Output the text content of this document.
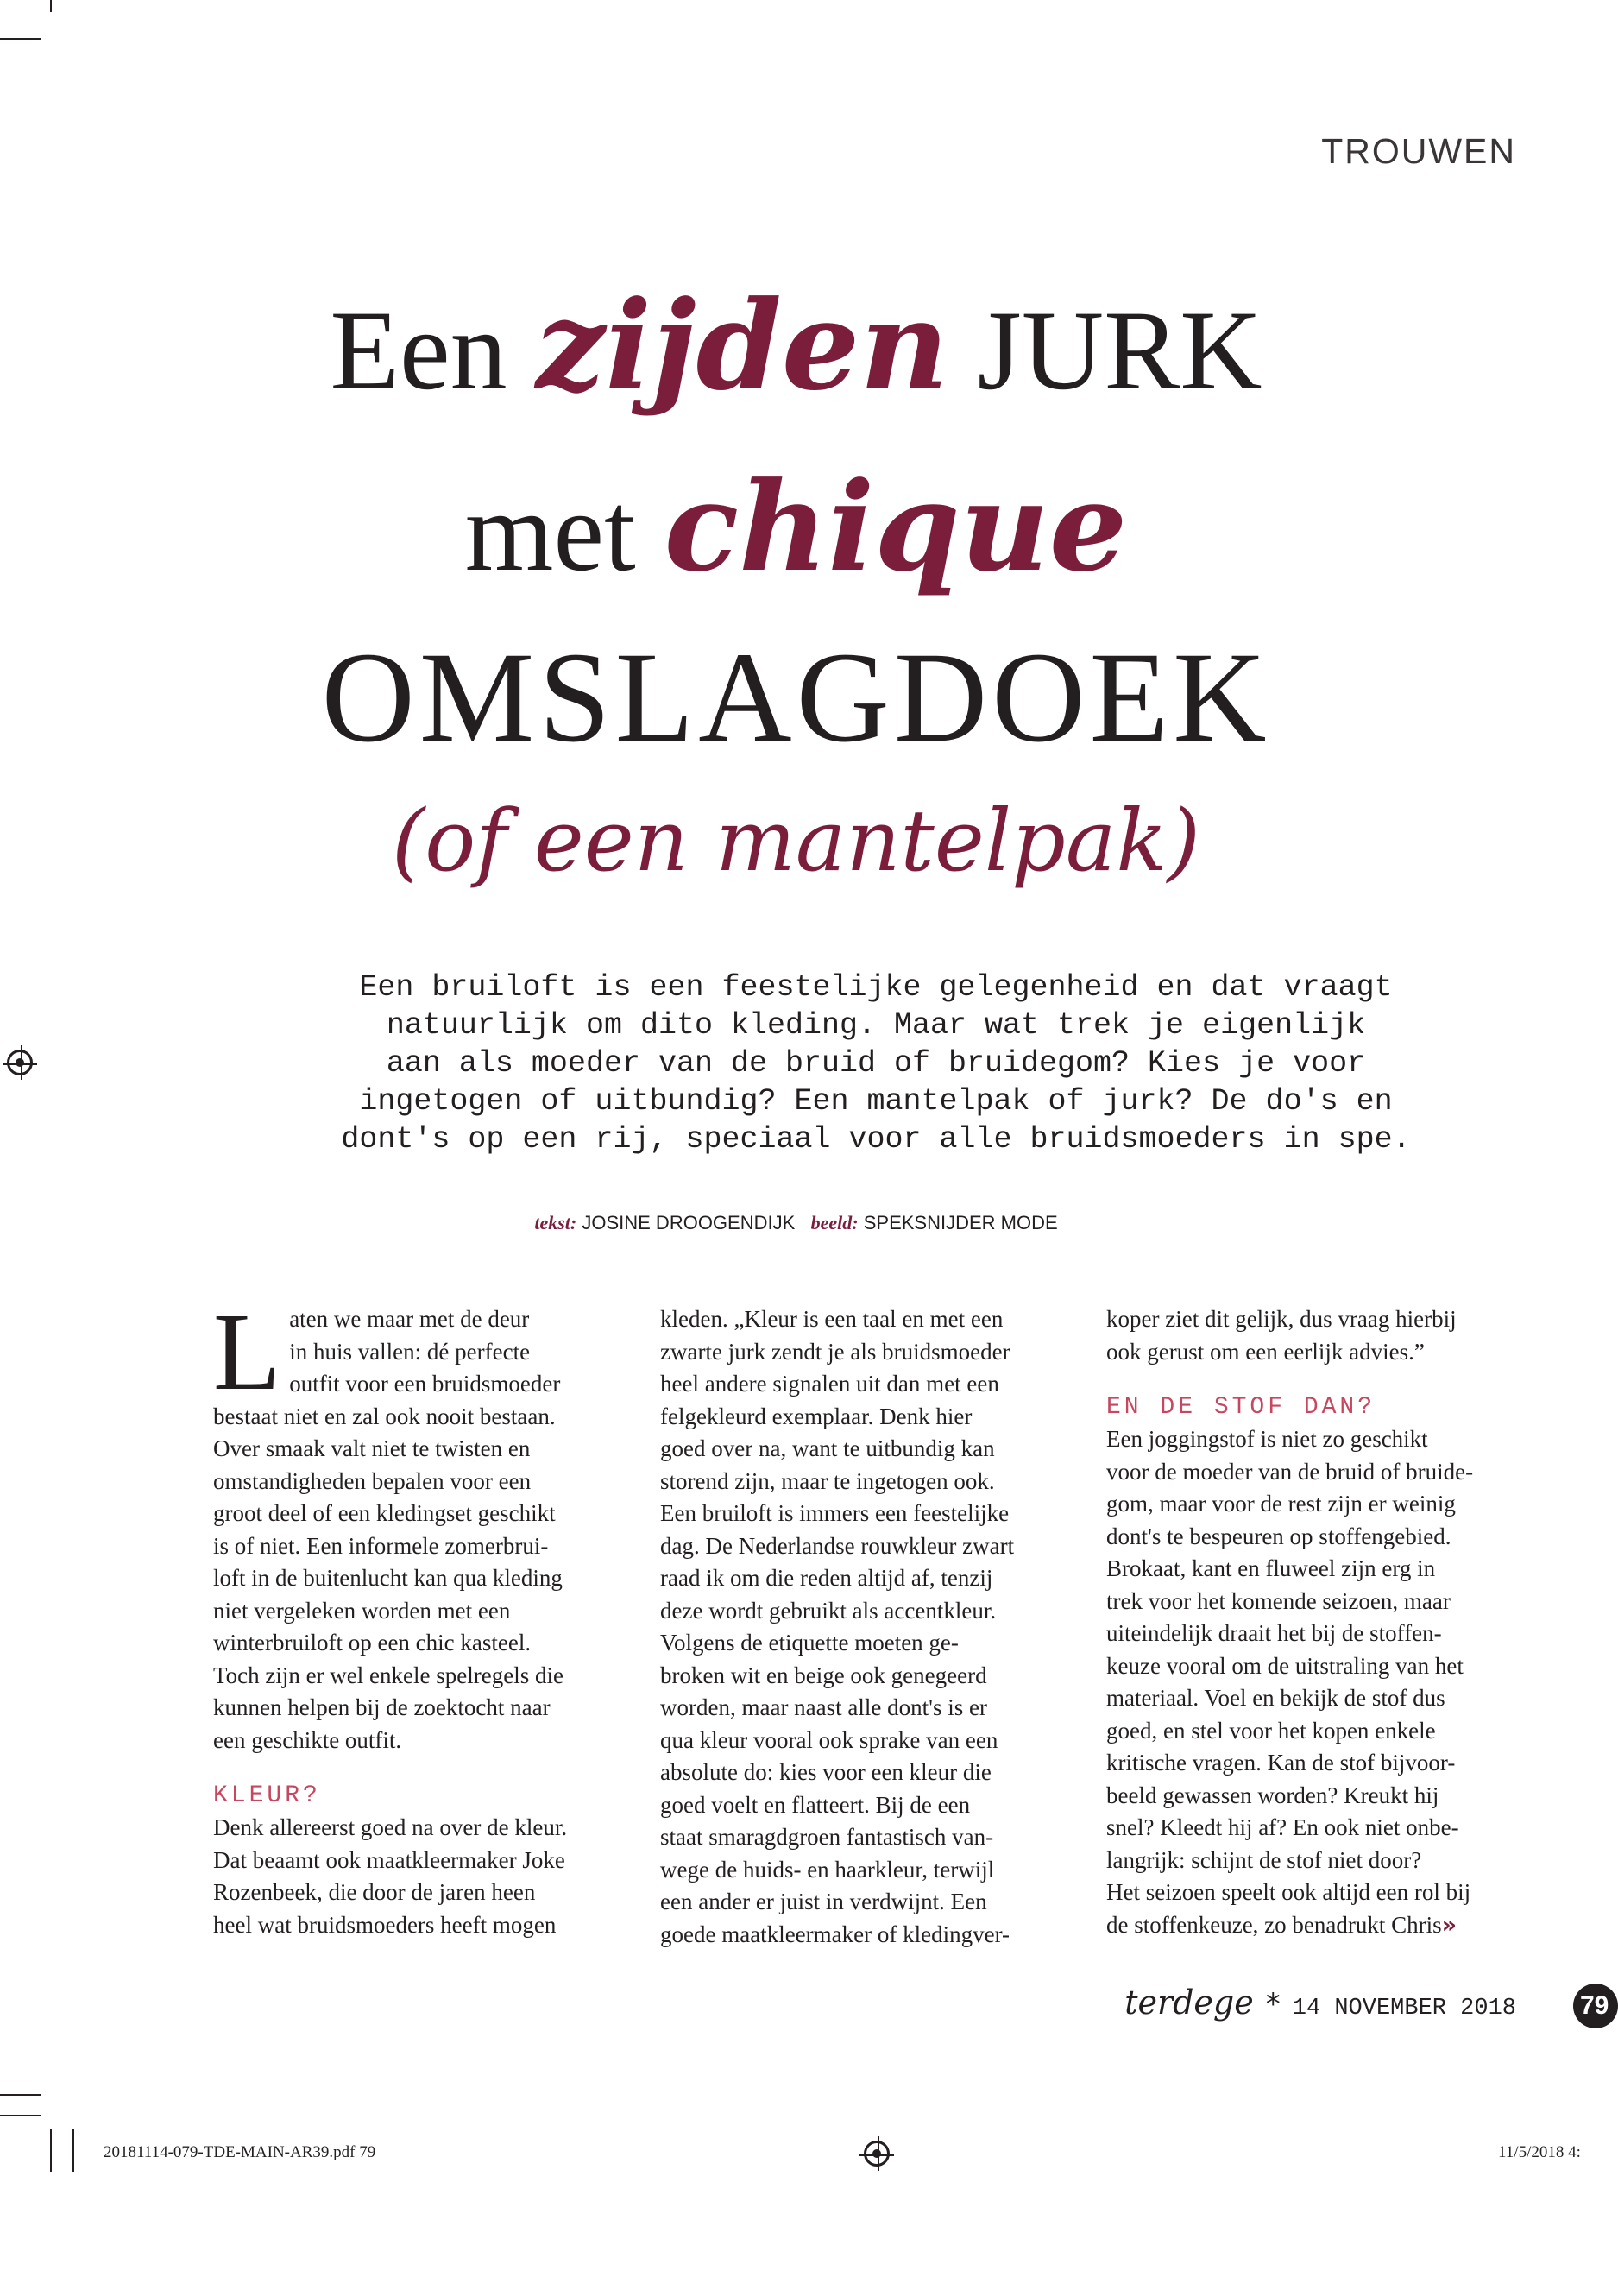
TROUWEN
Een zijden JURK
met chique
OMSLAGDOEK
(of een mantelpak)
Een bruiloft is een feestelijke gelegenheid en dat vraagt
natuurlijk om dito kleding. Maar wat trek je eigenlijk
aan als moeder van de bruid of bruidegom? Kies je voor
ingetogen of uitbundig? Een mantelpak of jurk? De do's en
dont's op een rij, speciaal voor alle bruidsmoeders in spe.
tekst: JOSINE DROOGENDIJK beeld: SPEKSNIJDER MODE
L aten we maar met de deur

in huis vallen: dé perfecte

outfit voor een bruidsmoeder

bestaat niet en zal ook nooit bestaan.

Over smaak valt niet te twisten en

omstandigheden bepalen voor een

groot deel of een kledingset geschikt

is of niet. Een informele zomerbrui-

loft in de buitenlucht kan qua kleding

niet vergeleken worden met een

winterbruiloft op een chic kasteel.

Toch zijn er wel enkele spelregels die

kunnen helpen bij de zoektocht naar

een geschikte outfit.

KLEUR?

Denk allereerst goed na over de kleur.

Dat beaamt ook maatkleermaker Joke

Rozenbeek, die door de jaren heen

heel wat bruidsmoeders heeft mogen

kleden. „Kleur is een taal en met een

zwarte jurk zendt je als bruidsmoeder

heel andere signalen uit dan met een

felgekleurd exemplaar. Denk hier

goed over na, want te uitbundig kan

storend zijn, maar te ingetogen ook.

Een bruiloft is immers een feestelijke

dag. De Nederlandse rouwkleur zwart

raad ik om die reden altijd af, tenzij

deze wordt gebruikt als accentkleur.

Volgens de etiquette moeten ge-

broken wit en beige ook genegeerd

worden, maar naast alle dont's is er

qua kleur vooral ook sprake van een

absolute do: kies voor een kleur die

goed voelt en flatteert. Bij de een

staat smaragdgroen fantastisch van-

wege de huids- en haarkleur, terwijl

een ander er juist in verdwijnt. Een

goede maatkleermaker of kledingver-

koper ziet dit gelijk, dus vraag hierbij

ook gerust om een eerlijk advies.”

EN DE STOF DAN?

Een joggingstof is niet zo geschikt

voor de moeder van de bruid of bruide-

gom, maar voor de rest zijn er weinig

dont's te bespeuren op stoffengebied.

Brokaat, kant en fluweel zijn erg in

trek voor het komende seizoen, maar

uiteindelijk draait het bij de stoffen-

keuze vooral om de uitstraling van het

materiaal. Voel en bekijk de stof dus

goed, en stel voor het kopen enkele

kritische vragen. Kan de stof bijvoor-

beeld gewassen worden? Kreukt hij

snel? Kleedt hij af? En ook niet onbe-

langrijk: schijnt de stof niet door?

Het seizoen speelt ook altijd een rol bij

de stoffenkeuze, zo benadrukt Chris»

terdege * 14 NOVEMBER 2018 79
20181114-079-TDE-MAIN-AR39.pdf 79	11/5/2018 4:
